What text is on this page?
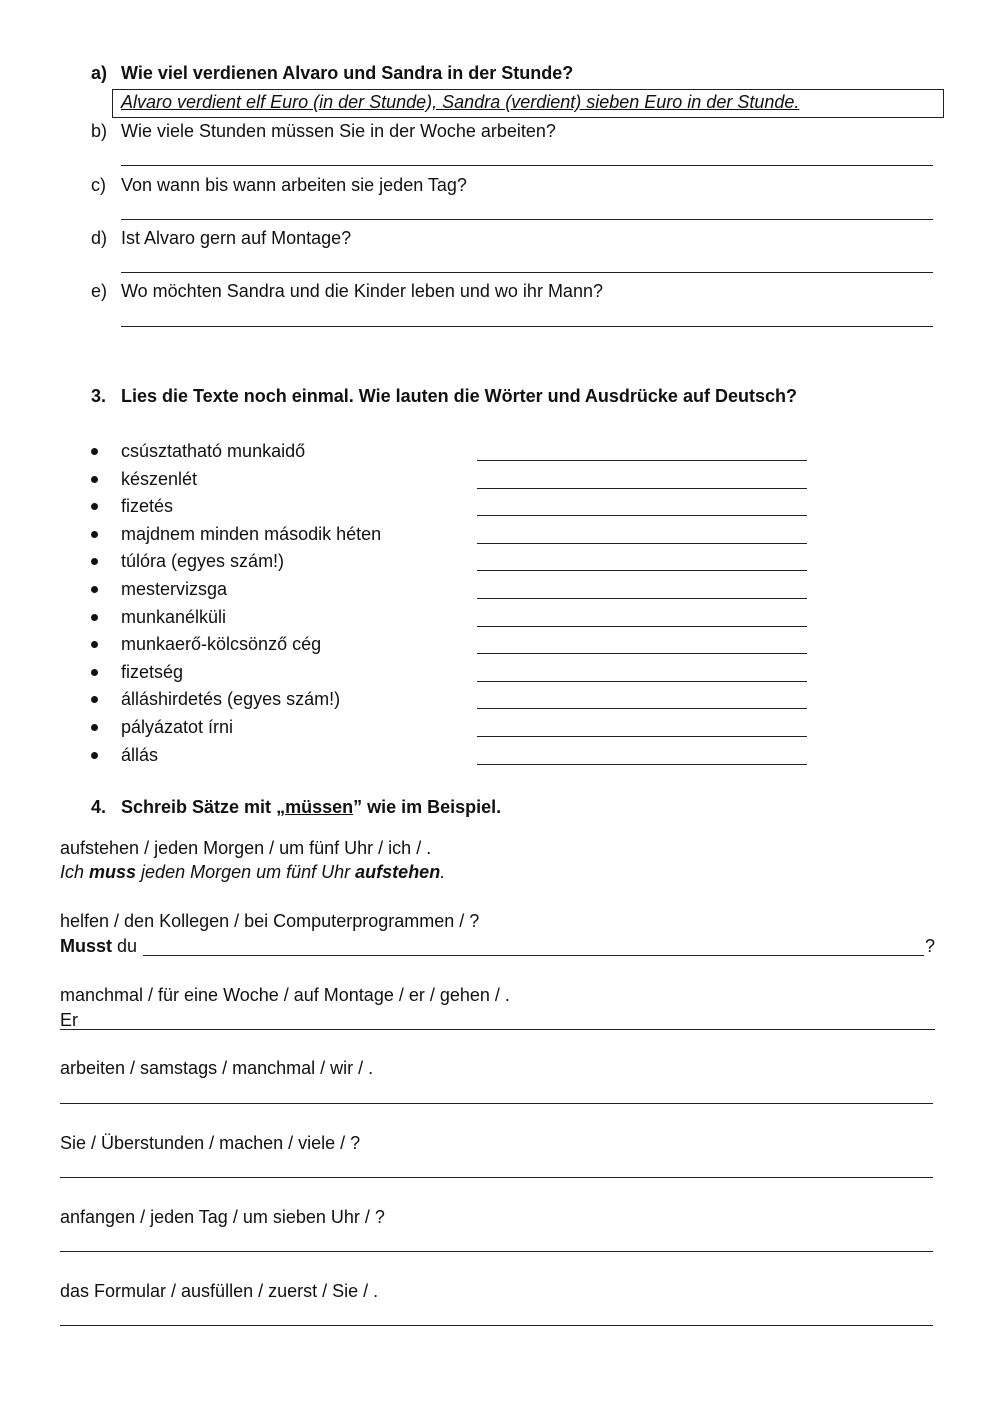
a) Wie viel verdienen Alvaro und Sandra in der Stunde?
Alvaro verdient elf Euro (in der Stunde), Sandra (verdient) sieben Euro in der Stunde.
b) Wie viele Stunden müssen Sie in der Woche arbeiten?
c) Von wann bis wann arbeiten sie jeden Tag?
d) Ist Alvaro gern auf Montage?
e) Wo möchten Sandra und die Kinder leben und wo ihr Mann?
3. Lies die Texte noch einmal. Wie lauten die Wörter und Ausdrücke auf Deutsch?
csúsztatható munkaidő
készenlét
fizetés
majdnem minden második héten
túlóra (egyes szám!)
mestervizsga
munkanélküli
munkaerő-kölcsönző cég
fizetség
álláshirdetés (egyes szám!)
pályázatot írni
állás
4. Schreib Sätze mit „müssen” wie im Beispiel.
aufstehen / jeden Morgen / um fünf Uhr / ich / .
Ich muss jeden Morgen um fünf Uhr aufstehen.
helfen / den Kollegen / bei Computerprogrammen / ?
Musst du	?
manchmal / für eine Woche / auf Montage / er / gehen / .
Er
arbeiten / samstags / manchmal / wir / .
Sie / Überstunden / machen / viele / ?
anfangen / jeden Tag / um sieben Uhr / ?
das Formular / ausfüllen / zuerst / Sie / .
